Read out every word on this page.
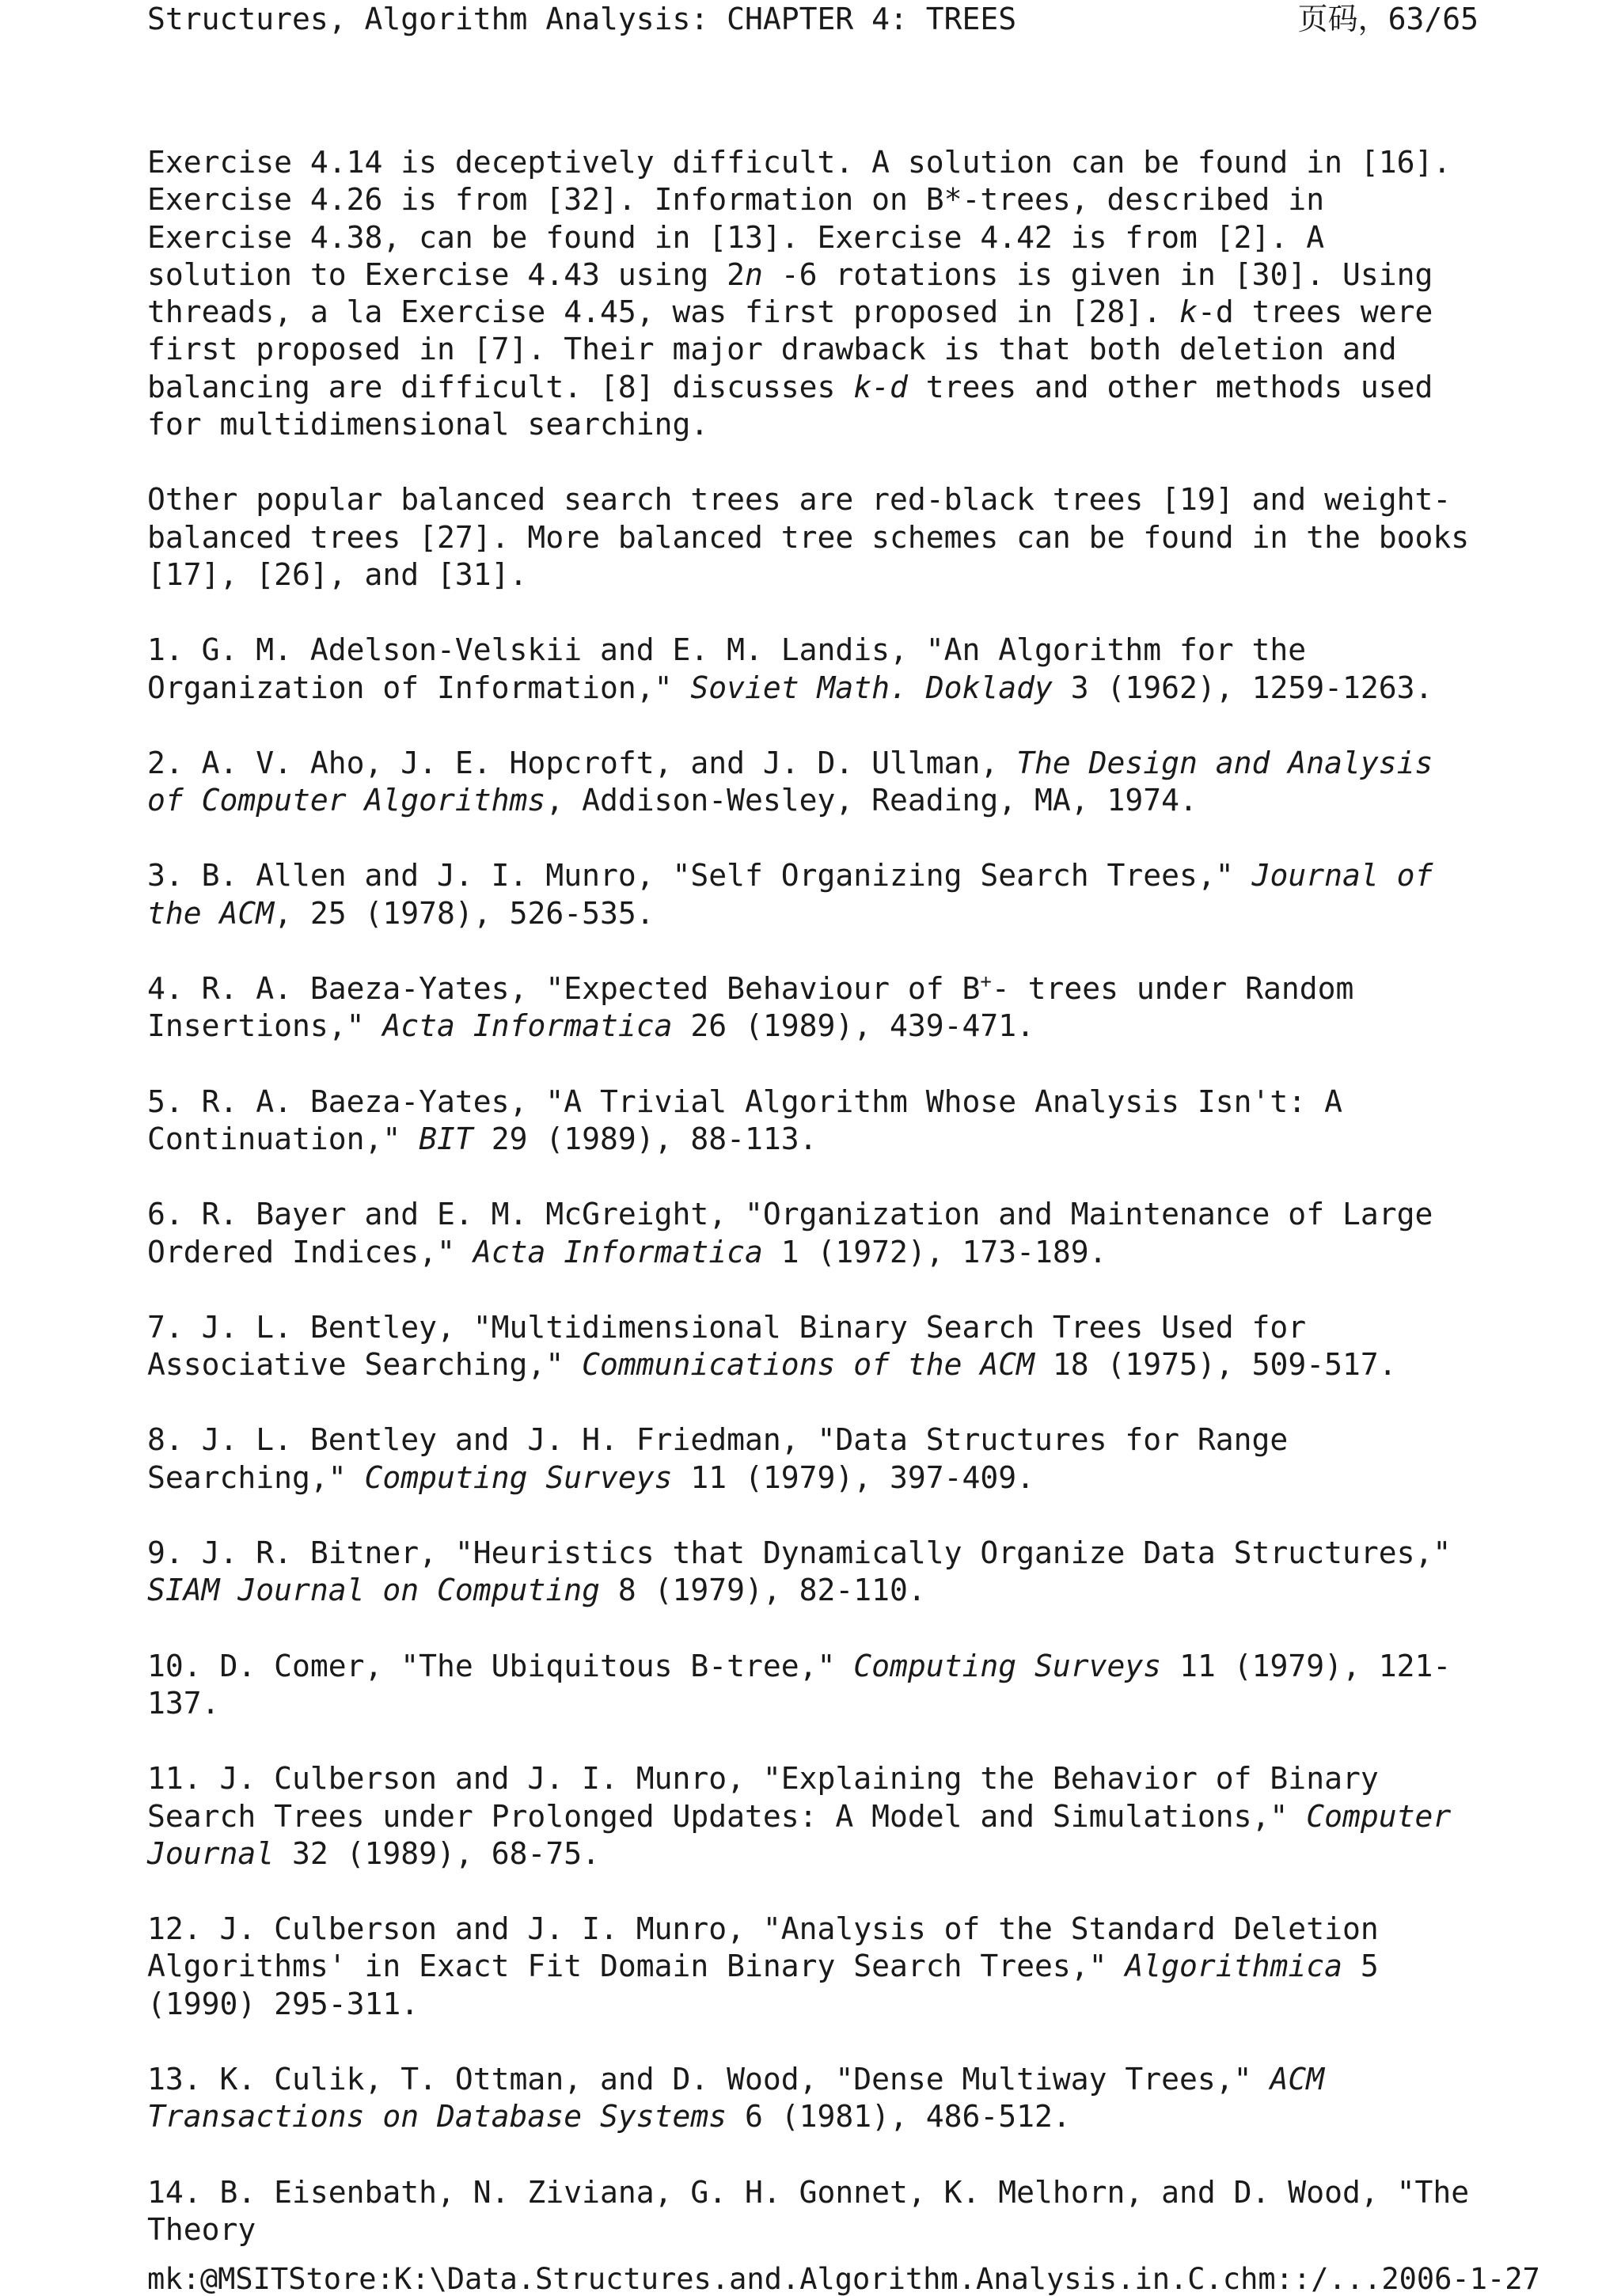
Structures, Algorithm Analysis: CHAPTER 4: TREES	页码，63/65

Exercise 4.14 is deceptively difficult. A solution can be found in [16]. Exercise 4.26 is from [32]. Information on B*-trees, described in Exercise 4.38, can be found in [13]. Exercise 4.42 is from [2]. A solution to Exercise 4.43 using 2n -6 rotations is given in [30]. Using threads, a la Exercise 4.45, was first proposed in [28]. k-d trees were first proposed in [7]. Their major drawback is that both deletion and balancing are difficult. [8] discusses k-d trees and other methods used for multidimensional searching.

Other popular balanced search trees are red-black trees [19] and weight-balanced trees [27]. More balanced tree schemes can be found in the books [17], [26], and [31].

1. G. M. Adelson-Velskii and E. M. Landis, "An Algorithm for the Organization of Information," Soviet Math. Doklady 3 (1962), 1259-1263.

2. A. V. Aho, J. E. Hopcroft, and J. D. Ullman, The Design and Analysis of Computer Algorithms, Addison-Wesley, Reading, MA, 1974.

3. B. Allen and J. I. Munro, "Self Organizing Search Trees," Journal of the ACM, 25 (1978), 526-535.

4. R. A. Baeza-Yates, "Expected Behaviour of B+- trees under Random Insertions," Acta Informatica 26 (1989), 439-471.

5. R. A. Baeza-Yates, "A Trivial Algorithm Whose Analysis Isn't: A Continuation," BIT 29 (1989), 88-113.

6. R. Bayer and E. M. McGreight, "Organization and Maintenance of Large Ordered Indices," Acta Informatica 1 (1972), 173-189.

7. J. L. Bentley, "Multidimensional Binary Search Trees Used for Associative Searching," Communications of the ACM 18 (1975), 509-517.

8. J. L. Bentley and J. H. Friedman, "Data Structures for Range Searching," Computing Surveys 11 (1979), 397-409.

9. J. R. Bitner, "Heuristics that Dynamically Organize Data Structures," SIAM Journal on Computing 8 (1979), 82-110.

10. D. Comer, "The Ubiquitous B-tree," Computing Surveys 11 (1979), 121-137.

11. J. Culberson and J. I. Munro, "Explaining the Behavior of Binary Search Trees under Prolonged Updates: A Model and Simulations," Computer Journal 32 (1989), 68-75.

12. J. Culberson and J. I. Munro, "Analysis of the Standard Deletion Algorithms' in Exact Fit Domain Binary Search Trees," Algorithmica 5 (1990) 295-311.

13. K. Culik, T. Ottman, and D. Wood, "Dense Multiway Trees," ACM Transactions on Database Systems 6 (1981), 486-512.

14. B. Eisenbath, N. Ziviana, G. H. Gonnet, K. Melhorn, and D. Wood, "The Theory

mk:@MSITStore:K:\Data.Structures.and.Algorithm.Analysis.in.C.chm::/... 2006-1-27
